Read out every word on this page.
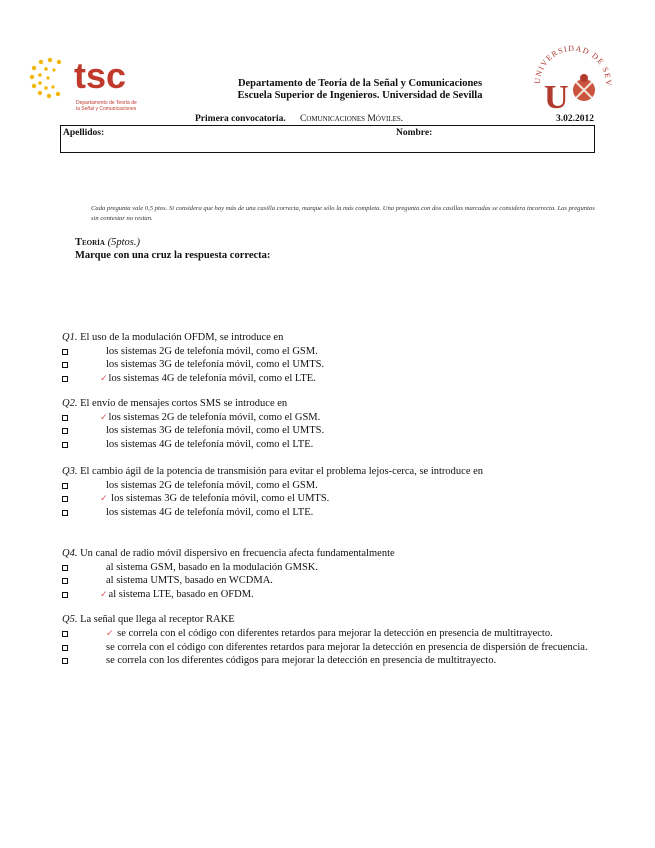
tsc
Departamento de Teoría de
la Señal y Comunicaciones
UNIVERSIDAD DE SEV
U
Departamento de Teoría de la Señal y Comunicaciones
Escuela Superior de Ingenieros. Universidad de Sevilla
Primera convocatoria. Comunicaciones Móviles.	3.02.2012
Apellidos:	Nombre:
Cada pregunta vale 0,5 ptos. Si considera que hay más de una casilla correcta, marque sólo la más completa. Una pregunta con dos casillas marcadas se considera incorrecta. Las preguntas sin contestar no restan.
Teoría (5ptos.)
Marque con una cruz la respuesta correcta:
Q1. El uso de la modulación OFDM, se introduce en
los sistemas 2G de telefonía móvil, como el GSM.
los sistemas 3G de telefonía móvil, como el UMTS.
✓los sistemas 4G de telefonía móvil, como el LTE.
Q2. El envío de mensajes cortos SMS se introduce en
✓los sistemas 2G de telefonía móvil, como el GSM.
los sistemas 3G de telefonía móvil, como el UMTS.
los sistemas 4G de telefonía móvil, como el LTE.
Q3. El cambio ágil de la potencia de transmisión para evitar el problema lejos-cerca, se introduce en
los sistemas 2G de telefonía móvil, como el GSM.
✓ los sistemas 3G de telefonía móvil, como el UMTS.
los sistemas 4G de telefonía móvil, como el LTE.
Q4. Un canal de radio móvil dispersivo en frecuencia afecta fundamentalmente
al sistema GSM, basado en la modulación GMSK.
al sistema UMTS, basado en WCDMA.
✓al sistema LTE, basado en OFDM.
Q5. La señal que llega al receptor RAKE
✓ se correla con el código con diferentes retardos para mejorar la detección en presencia de multitrayecto.
se correla con el código con diferentes retardos para mejorar la detección en presencia de dispersión de frecuencia.
se correla con los diferentes códigos para mejorar la detección en presencia de multitrayecto.
